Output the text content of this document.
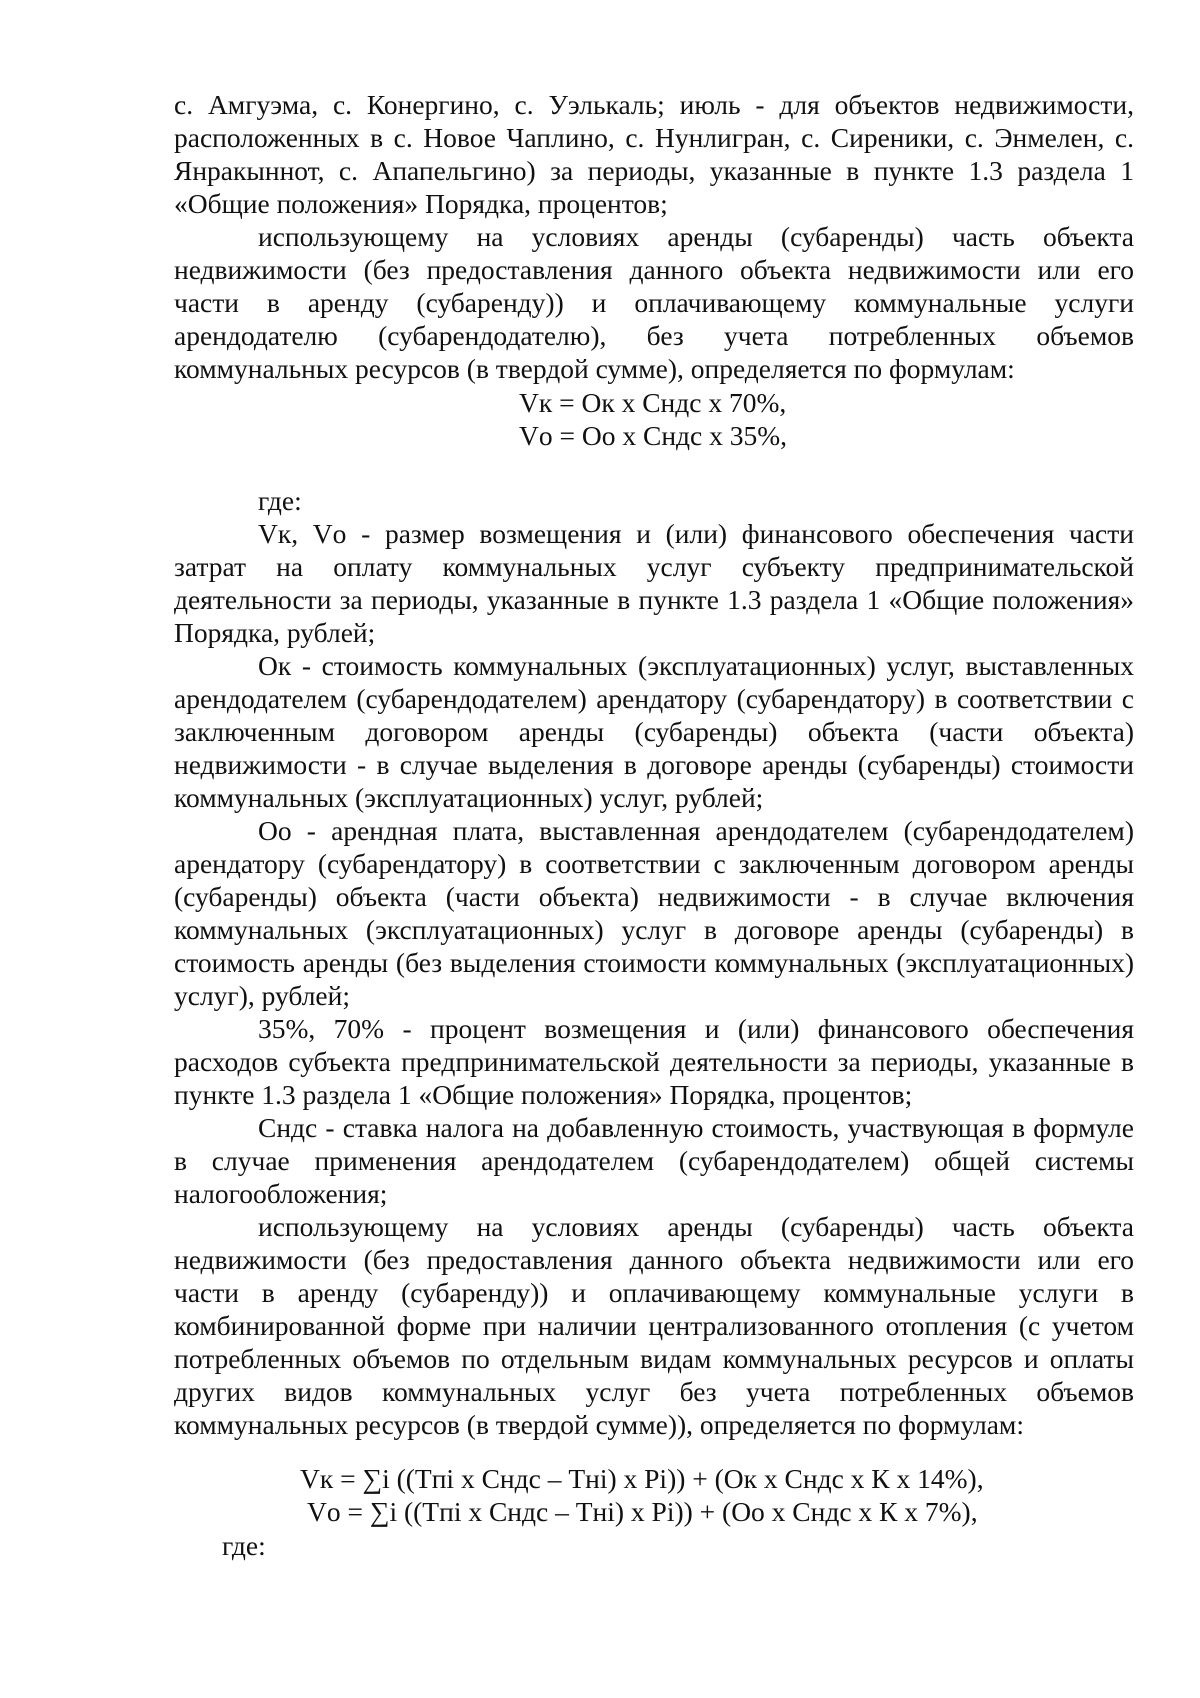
с. Амгуэма, с. Конергино, с. Уэлькаль; июль - для объектов недвижимости, расположенных в с. Новое Чаплино, с. Нунлигран, с. Сиреники, с. Энмелен, с. Янракыннот, с. Апапельгино) за периоды, указанные в пункте 1.3 раздела 1 «Общие положения» Порядка, процентов;

использующему на условиях аренды (субаренды) часть объекта недвижимости (без предоставления данного объекта недвижимости или его части в аренду (субаренду)) и оплачивающему коммунальные услуги арендодателю (субарендодателю), без учета потребленных объемов коммунальных ресурсов (в твердой сумме), определяется по формулам:

Vк = Ок х Сндс х 70%,
Vо = Оо х Сндс х 35%,

где:

Vк, Vо - размер возмещения и (или) финансового обеспечения части затрат на оплату коммунальных услуг субъекту предпринимательской деятельности за периоды, указанные в пункте 1.3 раздела 1 «Общие положения» Порядка, рублей;

Ок - стоимость коммунальных (эксплуатационных) услуг, выставленных арендодателем (субарендодателем) арендатору (субарендатору) в соответствии с заключенным договором аренды (субаренды) объекта (части объекта) недвижимости - в случае выделения в договоре аренды (субаренды) стоимости коммунальных (эксплуатационных) услуг, рублей;

Оо - арендная плата, выставленная арендодателем (субарендодателем) арендатору (субарендатору) в соответствии с заключенным договором аренды (субаренды) объекта (части объекта) недвижимости - в случае включения коммунальных (эксплуатационных) услуг в договоре аренды (субаренды) в стоимость аренды (без выделения стоимости коммунальных (эксплуатационных) услуг), рублей;

35%, 70% - процент возмещения и (или) финансового обеспечения расходов субъекта предпринимательской деятельности за периоды, указанные в пункте 1.3 раздела 1 «Общие положения» Порядка, процентов;

Сндс - ставка налога на добавленную стоимость, участвующая в формуле в случае применения арендодателем (субарендодателем) общей системы налогообложения;

использующему на условиях аренды (субаренды) часть объекта недвижимости (без предоставления данного объекта недвижимости или его части в аренду (субаренду)) и оплачивающему коммунальные услуги в комбинированной форме при наличии централизованного отопления (с учетом потребленных объемов по отдельным видам коммунальных ресурсов и оплаты других видов коммунальных услуг без учета потребленных объемов коммунальных ресурсов (в твердой сумме)), определяется по формулам:

Vк = ∑i ((Tпi х Сндс – Tнi) х Pi)) + (Ок х Сндс х К х 14%),
Vо = ∑i ((Tпi х Сндс – Tнi) х Pi)) + (Оо х Сндс х К х 7%),
где:
